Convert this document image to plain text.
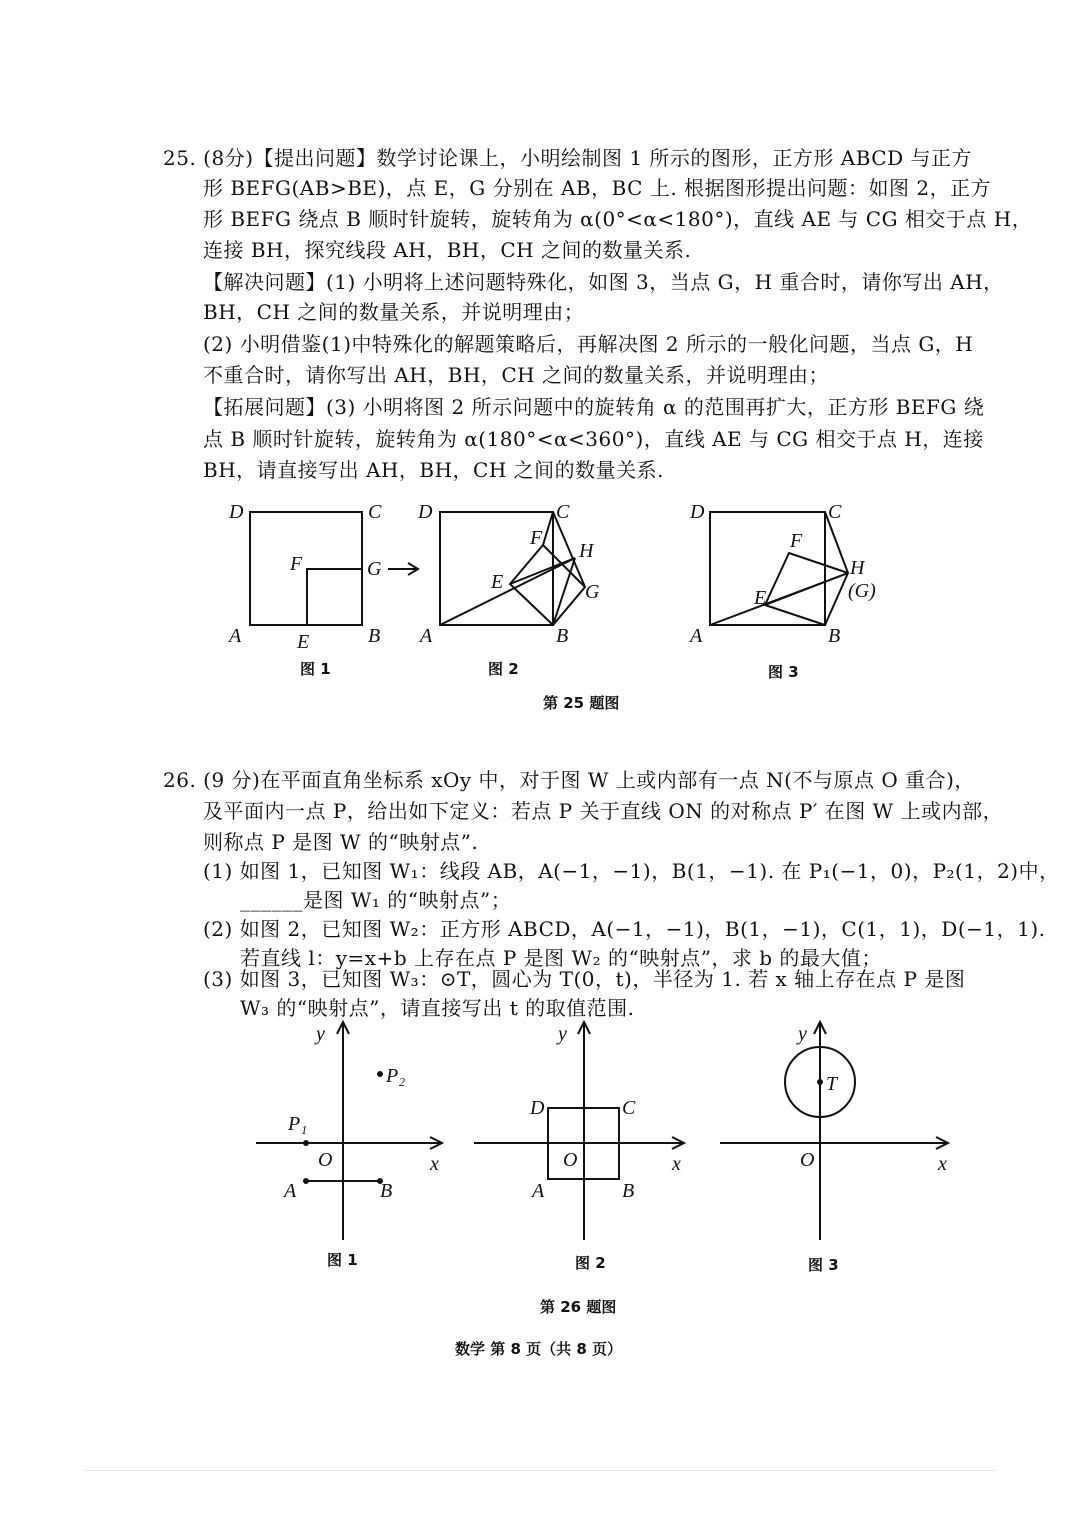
25. (8分)【提出问题】数学讨论课上，小明绘制图 1 所示的图形，正方形 ABCD 与正方
形 BEFG(AB>BE)，点 E，G 分别在 AB，BC 上. 根据图形提出问题：如图 2，正方
形 BEFG 绕点 B 顺时针旋转，旋转角为 α(0°<α<180°)，直线 AE 与 CG 相交于点 H，
连接 BH，探究线段 AH，BH，CH 之间的数量关系.
【解决问题】(1) 小明将上述问题特殊化，如图 3，当点 G，H 重合时，请你写出 AH，
BH，CH 之间的数量关系，并说明理由；
(2) 小明借鉴(1)中特殊化的解题策略后，再解决图 2 所示的一般化问题，当点 G，H
不重合时，请你写出 AH，BH，CH 之间的数量关系，并说明理由；
【拓展问题】(3) 小明将图 2 所示问题中的旋转角 α 的范围再扩大，正方形 BEFG 绕
点 B 顺时针旋转，旋转角为 α(180°<α<360°)，直线 AE 与 CG 相交于点 H，连接
BH，请直接写出 AH，BH，CH 之间的数量关系.
D	C
F	G
A	E	B
图 1
D	C
F
H
E	G
A	B
图 2
D	C
F
H
(G)
E
A	B
图 3
第 25 题图
26. (9 分)在平面直角坐标系 xOy 中，对于图 W 上或内部有一点 N(不与原点 O 重合)，
及平面内一点 P，给出如下定义：若点 P 关于直线 ON 的对称点 P′ 在图 W 上或内部，
则称点 P 是图 W 的“映射点”.
(1) 如图 1，已知图 W₁：线段 AB，A(−1，−1)，B(1，−1). 在 P₁(−1，0)，P₂(1，2)中，
______是图 W₁ 的“映射点”；
(2) 如图 2，已知图 W₂：正方形 ABCD，A(−1，−1)，B(1，−1)，C(1，1)，D(−1，1).
若直线 l：y=x+b 上存在点 P 是图 W₂ 的“映射点”，求 b 的最大值；
(3) 如图 3，已知图 W₃：⊙T，圆心为 T(0，t)，半径为 1. 若 x 轴上存在点 P 是图
W₃ 的“映射点”，请直接写出 t 的取值范围.
y
P₂
P₁
O	x
A	B
图 1
y
D	C
O	x
A	B
图 2
y
T
O	x
图 3
第 26 题图
数学 第 8 页（共 8 页）
